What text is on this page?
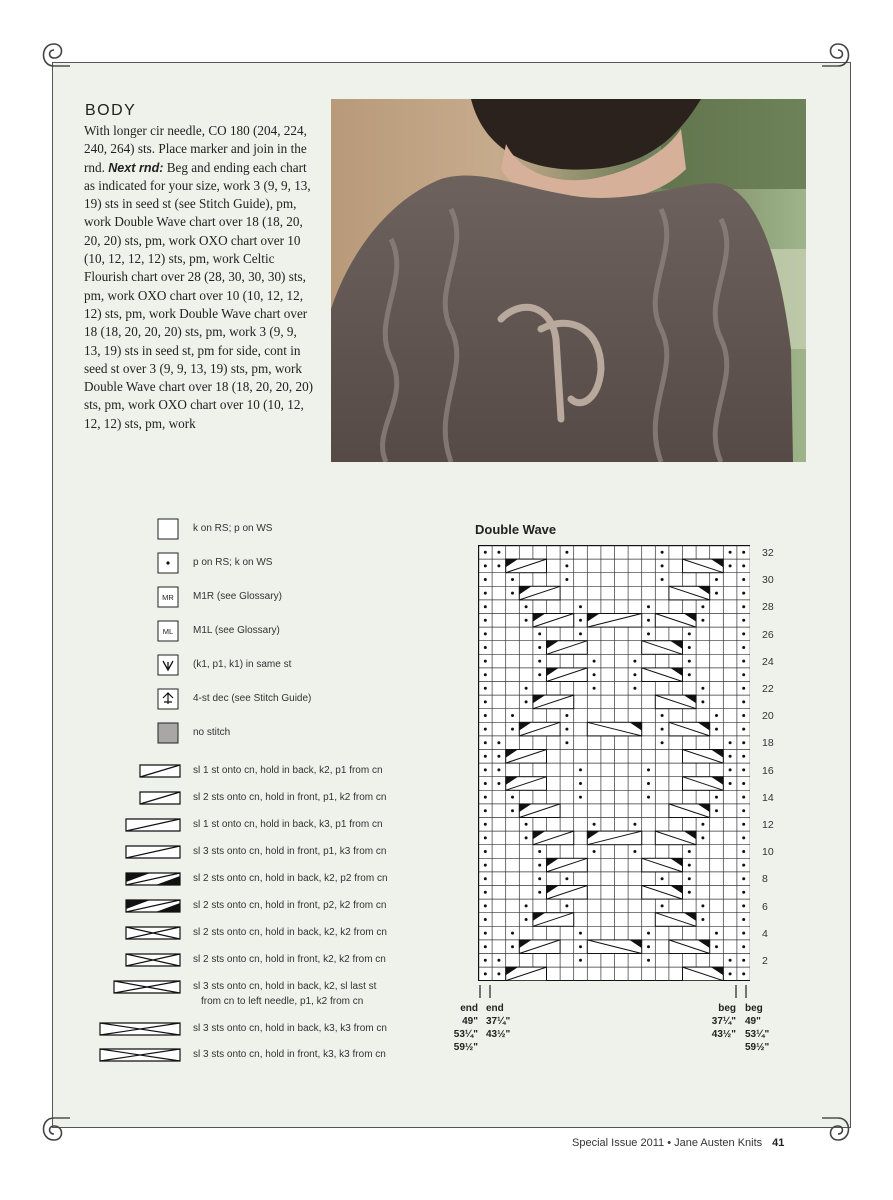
BODY

With longer cir needle, CO 180 (204, 224, 240, 264) sts. Place marker and join in the rnd. Next rnd: Beg and ending each chart as indicated for your size, work 3 (9, 9, 13, 19) sts in seed st (see Stitch Guide), pm, work Double Wave chart over 18 (18, 20, 20, 20) sts, pm, work OXO chart over 10 (10, 12, 12, 12) sts, pm, work Celtic Flourish chart over 28 (28, 30, 30, 30) sts, pm, work OXO chart over 10 (10, 12, 12, 12) sts, pm, work Double Wave chart over 18 (18, 20, 20, 20) sts, pm, work 3 (9, 9, 13, 19) sts in seed st, pm for side, cont in seed st over 3 (9, 9, 13, 19) sts, pm, work Double Wave chart over 18 (18, 20, 20, 20) sts, pm, work OXO chart over 10 (10, 12, 12, 12) sts, pm, work

k on RS; p on WS
p on RS; k on WS
MR M1R (see Glossary)
ML M1L (see Glossary)
(k1, p1, k1) in same st
4-st dec (see Stitch Guide)
no stitch
sl 1 st onto cn, hold in back, k2, p1 from cn
sl 2 sts onto cn, hold in front, p1, k2 from cn
sl 1 st onto cn, hold in back, k3, p1 from cn
sl 3 sts onto cn, hold in front, p1, k3 from cn
sl 2 sts onto cn, hold in back, k2, p2 from cn
sl 2 sts onto cn, hold in front, p2, k2 from cn
sl 2 sts onto cn, hold in back, k2, k2 from cn
sl 2 sts onto cn, hold in front, k2, k2 from cn
sl 3 sts onto cn, hold in back, k2, sl last st
from cn to left needle, p1, k2 from cn
sl 3 sts onto cn, hold in back, k3, k3 from cn
sl 3 sts onto cn, hold in front, k3, k3 from cn
Double Wave
32
30
28
26
24
22
20
18
16
14
12
10
8
6
4
2
end
49"
53¼"
59½"
end
37¼"
43½"
beg
37¼"
43½"
beg
49"
53¼"
59½"
Special Issue 2011 • Jane Austen Knits 41
